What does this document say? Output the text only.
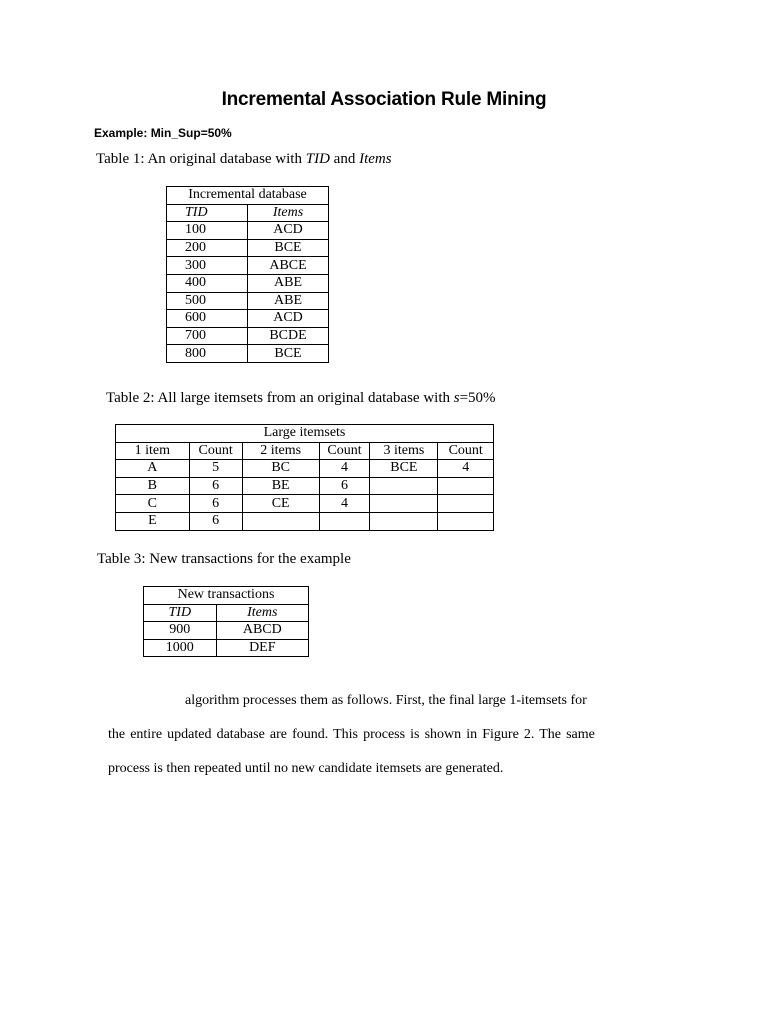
Incremental Association Rule Mining
Example: Min_Sup=50%
Table 1: An original database with TID and Items
Incremental database	
TID	Items
100	ACD
200	BCE
300	ABCE
400	ABE
500	ABE
600	ACD
700	BCDE
800	BCE
Table 2: All large itemsets from an original database with s=50%
Large itemsets					
1 item	Count	2 items	Count	3 items	Count
A	5	BC	4	BCE	4
B	6	BE	6		
C	6	CE	4		
E	6				
Table 3: New transactions for the example
New transactions	
TID	Items
900	ABCD
1000	DEF
algorithm processes them as follows. First, the final large 1-itemsets for
the entire updated database are found. This process is shown in Figure 2. The same
process is then repeated until no new candidate itemsets are generated.
